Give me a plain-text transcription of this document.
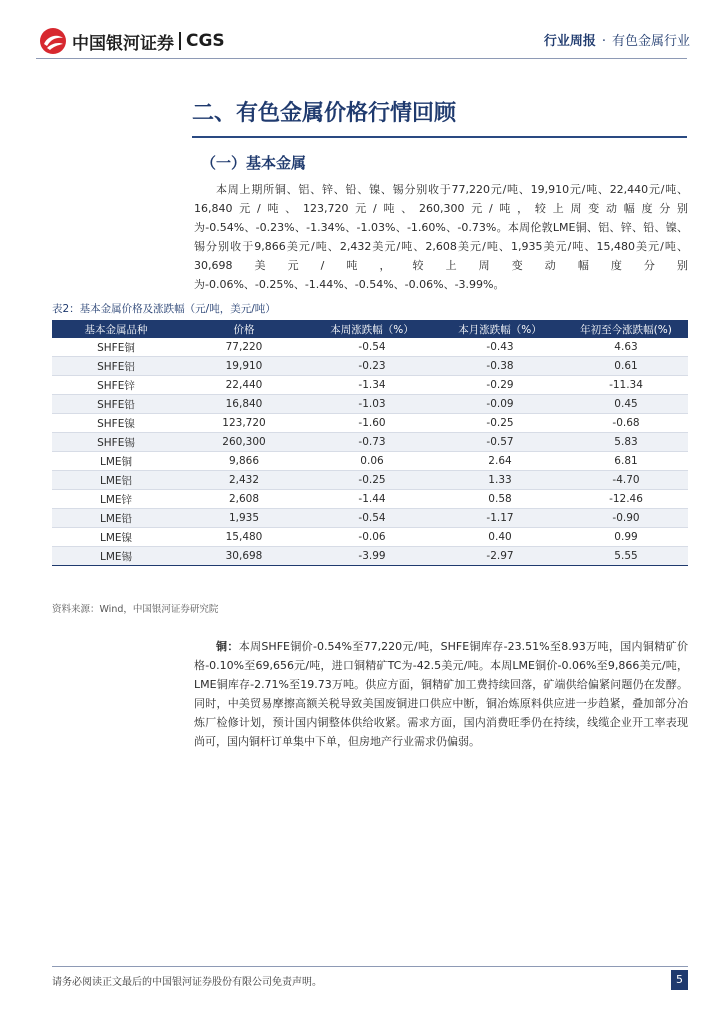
中国银河证券 CGS	行业周报 · 有色金属行业
二、有色金属价格行情回顾
（一）基本金属

本周上期所铜、铝、锌、铅、镍、锡分别收于77,220元/吨、19,910元/吨、22,440元/吨、16,840元/吨、123,720元/吨、260,300元/吨，较上周变动幅度分别为-0.54%、-0.23%、-1.34%、-1.03%、-1.60%、-0.73%。本周伦敦LME铜、铝、锌、铅、镍、锡分别收于9,866美元/吨、2,432美元/吨、2,608美元/吨、1,935美元/吨、15,480美元/吨、30,698美元/吨，较上周变动幅度分别为-0.06%、-0.25%、-1.44%、-0.54%、-0.06%、-3.99%。

表2：基本金属价格及涨跌幅（元/吨，美元/吨）
基本金属品种	价格	本周涨跌幅（%）	本月涨跌幅（%）	年初至今涨跌幅(%)
SHFE铜	77,220	-0.54	-0.43	4.63
SHFE铝	19,910	-0.23	-0.38	0.61
SHFE锌	22,440	-1.34	-0.29	-11.34
SHFE铅	16,840	-1.03	-0.09	0.45
SHFE镍	123,720	-1.60	-0.25	-0.68
SHFE锡	260,300	-0.73	-0.57	5.83
LME铜	9,866	0.06	2.64	6.81
LME铝	2,432	-0.25	1.33	-4.70
LME锌	2,608	-1.44	0.58	-12.46
LME铅	1,935	-0.54	-1.17	-0.90
LME镍	15,480	-0.06	0.40	0.99
LME锡	30,698	-3.99	-2.97	5.55
资料来源：Wind，中国银河证券研究院

铜：本周SHFE铜价-0.54%至77,220元/吨，SHFE铜库存-23.51%至8.93万吨，国内铜精矿价格-0.10%至69,656元/吨，进口铜精矿TC为-42.5美元/吨。本周LME铜价-0.06%至9,866美元/吨，LME铜库存-2.71%至19.73万吨。供应方面，铜精矿加工费持续回落，矿端供给偏紧问题仍在发酵。同时，中美贸易摩擦高额关税导致美国废铜进口供应中断，铜冶炼原料供应进一步趋紧，叠加部分冶炼厂检修计划，预计国内铜整体供给收紧。需求方面，国内消费旺季仍在持续，线缆企业开工率表现尚可，国内铜杆订单集中下单，但房地产行业需求仍偏弱。

请务必阅读正文最后的中国银河证券股份有限公司免责声明。	5
